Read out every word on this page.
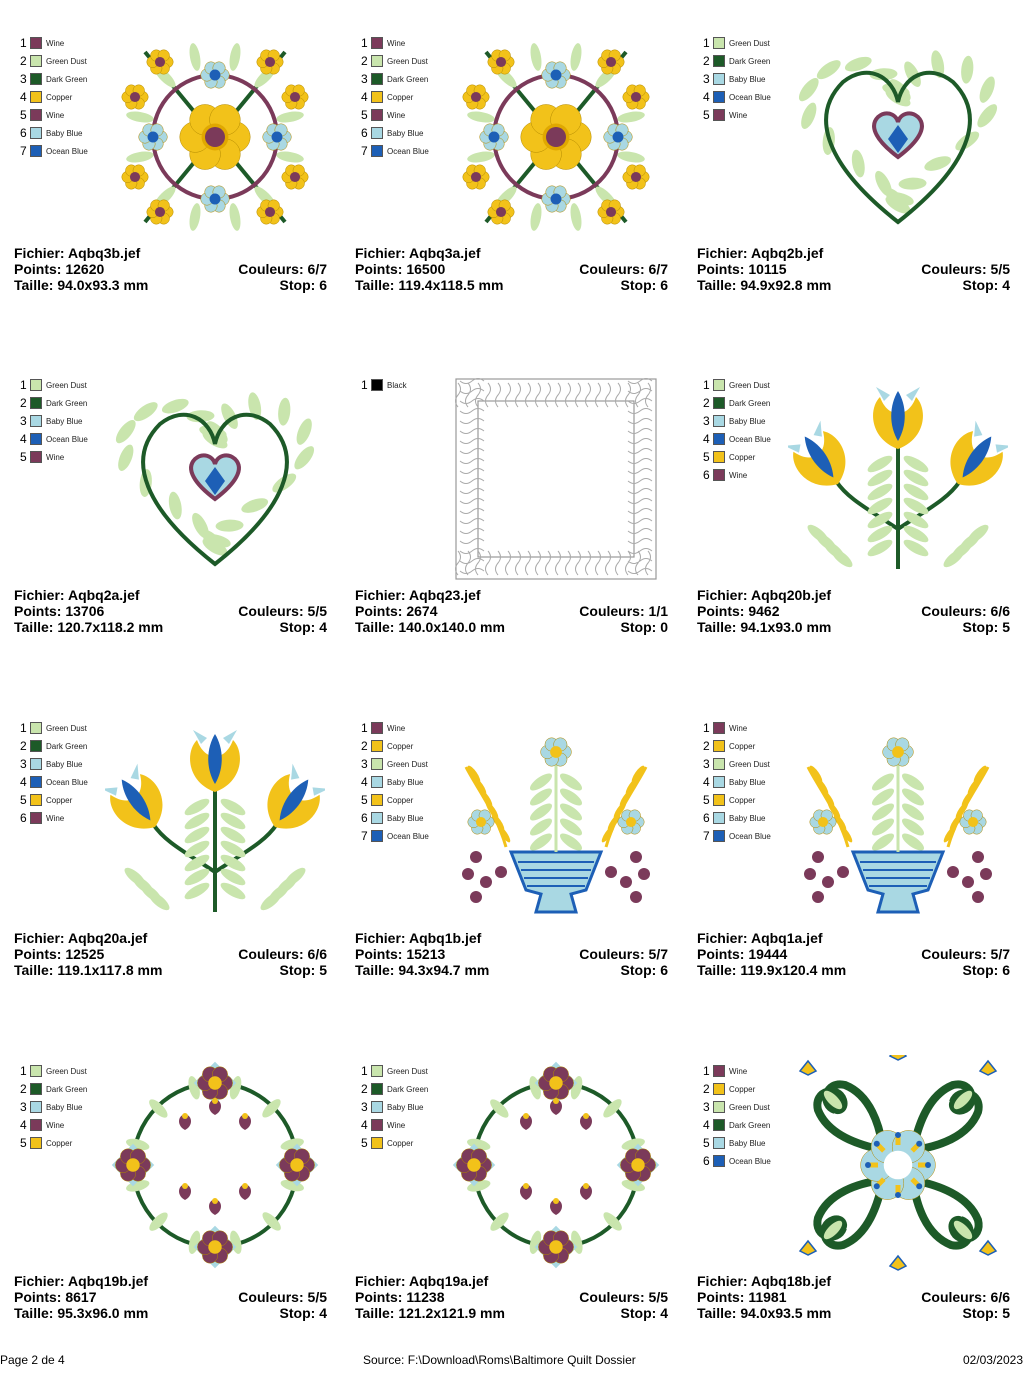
1	Wine
2	Green Dust
3	Dark Green
4	Copper
5	Wine
6	Baby Blue
7	Ocean Blue
Fichier: Aqbq3b.jef
Points: 12620	Couleurs: 6/7
Taille: 94.0x93.3 mm	Stop: 6
1	Wine
2	Green Dust
3	Dark Green
4	Copper
5	Wine
6	Baby Blue
7	Ocean Blue
Fichier: Aqbq3a.jef
Points: 16500	Couleurs: 6/7
Taille: 119.4x118.5 mm	Stop: 6
1	Green Dust
2	Dark Green
3	Baby Blue
4	Ocean Blue
5	Wine
Fichier: Aqbq2b.jef
Points: 10115	Couleurs: 5/5
Taille: 94.9x92.8 mm	Stop: 4
1	Green Dust
2	Dark Green
3	Baby Blue
4	Ocean Blue
5	Wine
Fichier: Aqbq2a.jef
Points: 13706	Couleurs: 5/5
Taille: 120.7x118.2 mm	Stop: 4
1	Black
Fichier: Aqbq23.jef
Points: 2674	Couleurs: 1/1
Taille: 140.0x140.0 mm	Stop: 0
1	Green Dust
2	Dark Green
3	Baby Blue
4	Ocean Blue
5	Copper
6	Wine
Fichier: Aqbq20b.jef
Points: 9462	Couleurs: 6/6
Taille: 94.1x93.0 mm	Stop: 5
1	Green Dust
2	Dark Green
3	Baby Blue
4	Ocean Blue
5	Copper
6	Wine
Fichier: Aqbq20a.jef
Points: 12525	Couleurs: 6/6
Taille: 119.1x117.8 mm	Stop: 5
1	Wine
2	Copper
3	Green Dust
4	Baby Blue
5	Copper
6	Baby Blue
7	Ocean Blue
Fichier: Aqbq1b.jef
Points: 15213	Couleurs: 5/7
Taille: 94.3x94.7 mm	Stop: 6
1	Wine
2	Copper
3	Green Dust
4	Baby Blue
5	Copper
6	Baby Blue
7	Ocean Blue
Fichier: Aqbq1a.jef
Points: 19444	Couleurs: 5/7
Taille: 119.9x120.4 mm	Stop: 6
1	Green Dust
2	Dark Green
3	Baby Blue
4	Wine
5	Copper
Fichier: Aqbq19b.jef
Points: 8617	Couleurs: 5/5
Taille: 95.3x96.0 mm	Stop: 4
1	Green Dust
2	Dark Green
3	Baby Blue
4	Wine
5	Copper
Fichier: Aqbq19a.jef
Points: 11238	Couleurs: 5/5
Taille: 121.2x121.9 mm	Stop: 4
1	Wine
2	Copper
3	Green Dust
4	Dark Green
5	Baby Blue
6	Ocean Blue
Fichier: Aqbq18b.jef
Points: 11981	Couleurs: 6/6
Taille: 94.0x93.5 mm	Stop: 5
Page 2 de 4	Source: F:\Download\Roms\Baltimore Quilt Dossier	02/03/2023
